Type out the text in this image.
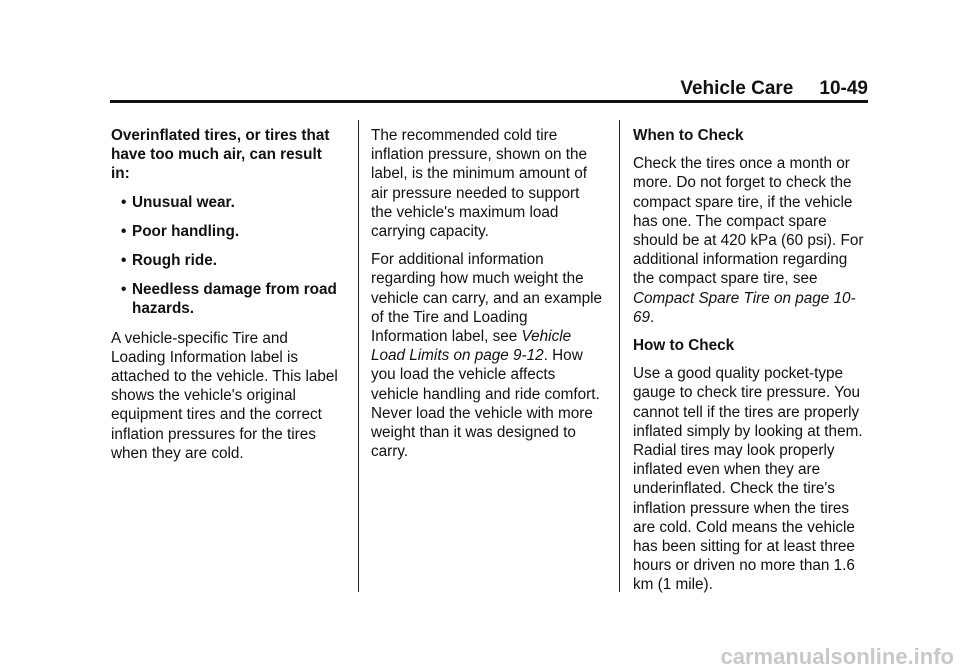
Vehicle Care 10-49

Overinflated tires, or tires that have too much air, can result in:

• Unusual wear.
• Poor handling.
• Rough ride.
• Needless damage from road hazards.

A vehicle-specific Tire and Loading Information label is attached to the vehicle. This label shows the vehicle's original equipment tires and the correct inflation pressures for the tires when they are cold.

The recommended cold tire inflation pressure, shown on the label, is the minimum amount of air pressure needed to support the vehicle's maximum load carrying capacity.

For additional information regarding how much weight the vehicle can carry, and an example of the Tire and Loading Information label, see Vehicle Load Limits on page 9-12. How you load the vehicle affects vehicle handling and ride comfort. Never load the vehicle with more weight than it was designed to carry.

When to Check

Check the tires once a month or more. Do not forget to check the compact spare tire, if the vehicle has one. The compact spare should be at 420 kPa (60 psi). For additional information regarding the compact spare tire, see Compact Spare Tire on page 10-69.

How to Check

Use a good quality pocket-type gauge to check tire pressure. You cannot tell if the tires are properly inflated simply by looking at them. Radial tires may look properly inflated even when they are underinflated. Check the tire's inflation pressure when the tires are cold. Cold means the vehicle has been sitting for at least three hours or driven no more than 1.6 km (1 mile).

carmanualsonline.info
